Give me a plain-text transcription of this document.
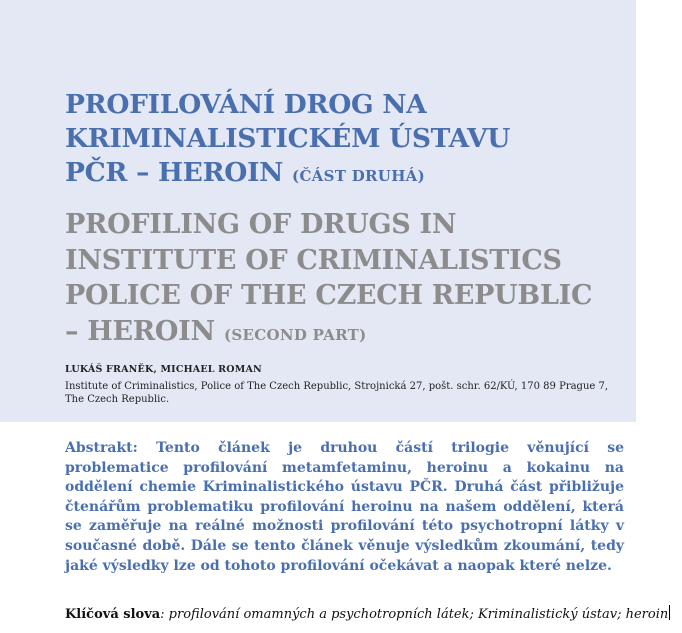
PROFILOVÁNÍ DROG NA
KRIMINALISTICKÉM ÚSTAVU
PČR – HEROIN (ČÁST DRUHÁ)
PROFILING OF DRUGS IN
INSTITUTE OF CRIMINALISTICS
POLICE OF THE CZECH REPUBLIC
– HEROIN (SECOND PART)
LUKÁŠ FRANĚK, MICHAEL ROMAN
Institute of Criminalistics, Police of The Czech Republic, Strojnická 27, pošt. schr. 62/KÚ, 170 89 Prague 7,
The Czech Republic.

Abstrakt: Tento článek je druhou částí trilogie věnující se problematice profilování metamfetaminu, heroinu a kokainu na oddělení chemie Kriminalistického ústavu PČR. Druhá část přibližuje čtenářům problematiku profilování heroinu na našem oddělení, která se zaměřuje na reálné možnosti profilování této psychotropní látky v současné době. Dále se tento článek věnuje výsledkům zkoumání, tedy jaké výsledky lze od tohoto profilování očekávat a naopak které nelze.

Klíčová slova: profilování omamných a psychotropních látek; Kriminalistický ústav; heroin
